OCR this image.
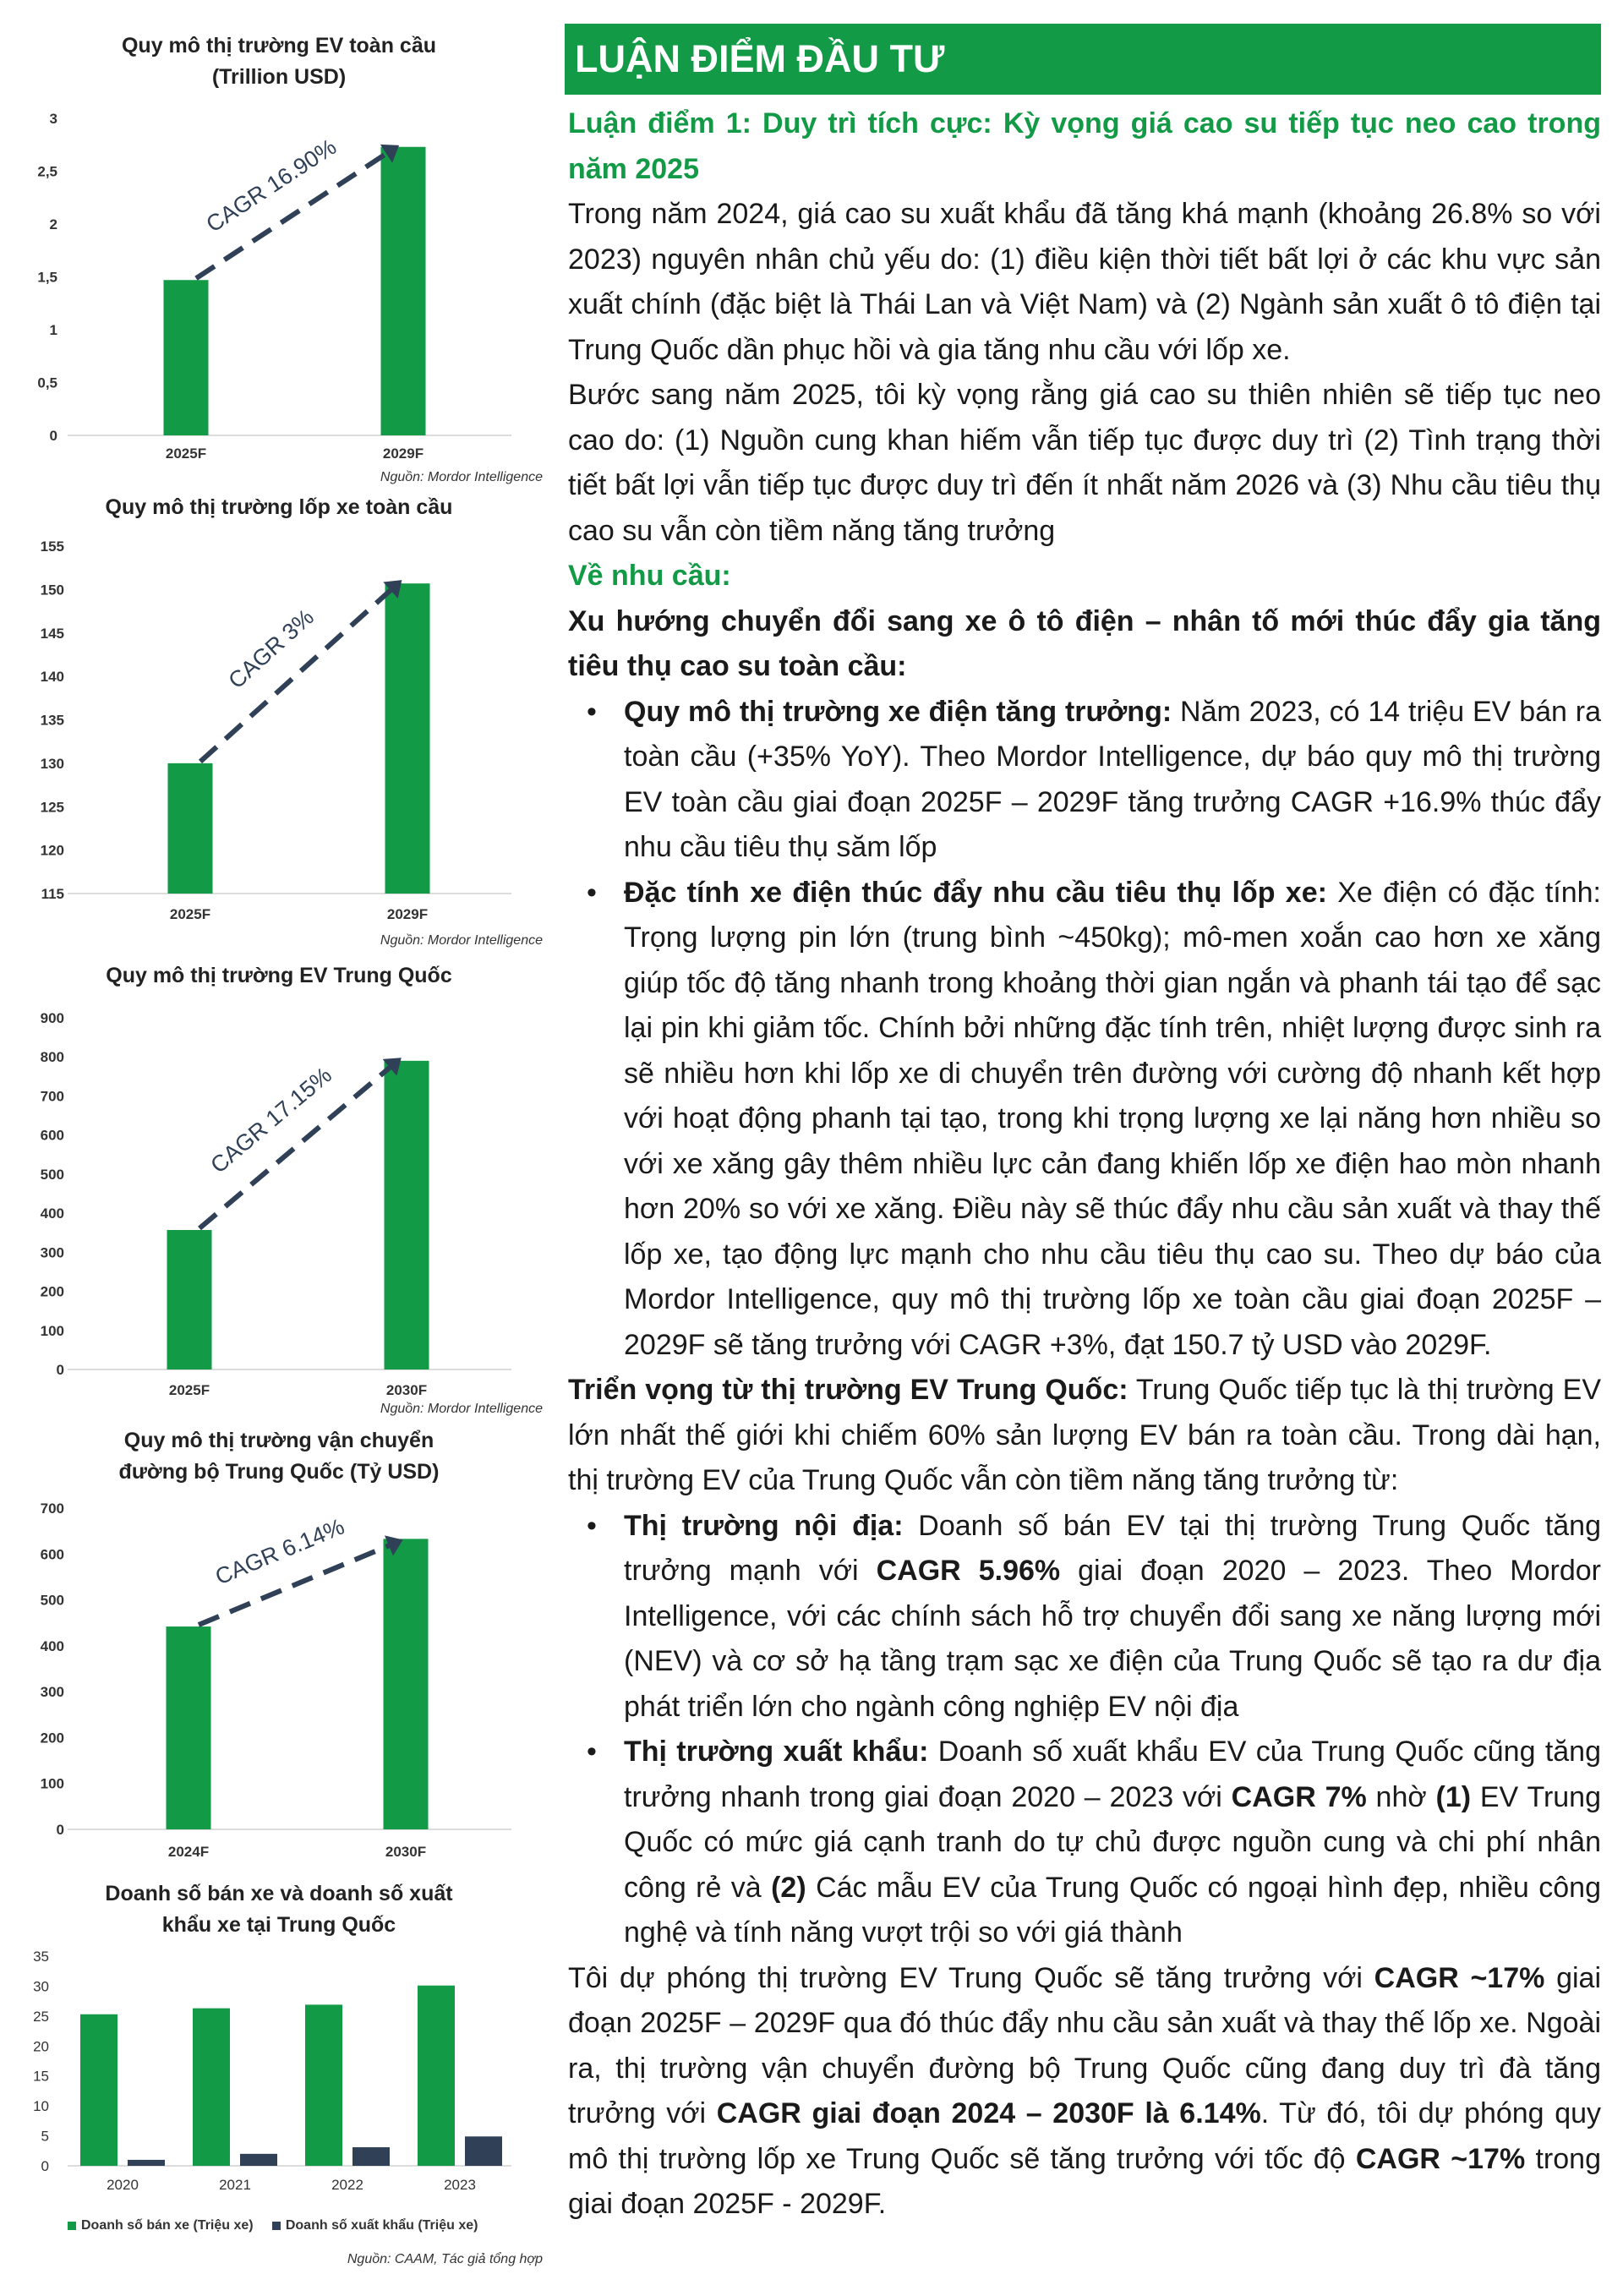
Quy mô thị trường EV toàn cầu
(Trillion USD)
0
0,5
1
1,5
2
2,5
3
2025F	2029F
CAGR 16.90%
Nguồn: Mordor Intelligence
Quy mô thị trường lốp xe toàn cầu
115
120
125
130
135
140
145
150
155
2025F	2029F
CAGR 3%
Nguồn: Mordor Intelligence
Quy mô thị trường EV Trung Quốc
0
100
200
300
400
500
600
700
800
900
2025F	2030F
CAGR 17.15%
Nguồn: Mordor Intelligence
Quy mô thị trường vận chuyển
đường bộ Trung Quốc (Tỷ USD)
0
100
200
300
400
500
600
700
2024F	2030F
CAGR 6.14%
Doanh số bán xe và doanh số xuất
khẩu xe tại Trung Quốc
0
5
10
15
20
25
30
35
2020	2021	2022	2023
Doanh số bán xe (Triệu xe) Doanh số xuất khẩu (Triệu xe)
Nguồn: CAAM, Tác giả tổng hợp
LUẬN ĐIỂM ĐẦU TƯ

Luận điểm 1: Duy trì tích cực: Kỳ vọng giá cao su tiếp tục neo cao trong năm 2025

Trong năm 2024, giá cao su xuất khẩu đã tăng khá mạnh (khoảng 26.8% so với 2023) nguyên nhân chủ yếu do: (1) điều kiện thời tiết bất lợi ở các khu vực sản xuất chính (đặc biệt là Thái Lan và Việt Nam) và (2) Ngành sản xuất ô tô điện tại Trung Quốc dần phục hồi và gia tăng nhu cầu với lốp xe.

Bước sang năm 2025, tôi kỳ vọng rằng giá cao su thiên nhiên sẽ tiếp tục neo cao do: (1) Nguồn cung khan hiếm vẫn tiếp tục được duy trì (2) Tình trạng thời tiết bất lợi vẫn tiếp tục được duy trì đến ít nhất năm 2026 và (3) Nhu cầu tiêu thụ cao su vẫn còn tiềm năng tăng trưởng

Về nhu cầu:

Xu hướng chuyển đổi sang xe ô tô điện – nhân tố mới thúc đẩy gia tăng tiêu thụ cao su toàn cầu:

• Quy mô thị trường xe điện tăng trưởng: Năm 2023, có 14 triệu EV bán ra toàn cầu (+35% YoY). Theo Mordor Intelligence, dự báo quy mô thị trường EV toàn cầu giai đoạn 2025F – 2029F tăng trưởng CAGR +16.9% thúc đẩy nhu cầu tiêu thụ săm lốp
• Đặc tính xe điện thúc đẩy nhu cầu tiêu thụ lốp xe: Xe điện có đặc tính: Trọng lượng pin lớn (trung bình ~450kg); mô-men xoắn cao hơn xe xăng giúp tốc độ tăng nhanh trong khoảng thời gian ngắn và phanh tái tạo để sạc lại pin khi giảm tốc. Chính bởi những đặc tính trên, nhiệt lượng được sinh ra sẽ nhiều hơn khi lốp xe di chuyển trên đường với cường độ nhanh kết hợp với hoạt động phanh tại tạo, trong khi trọng lượng xe lại năng hơn nhiều so với xe xăng gây thêm nhiều lực cản đang khiến lốp xe điện hao mòn nhanh hơn 20% so với xe xăng. Điều này sẽ thúc đẩy nhu cầu sản xuất và thay thế lốp xe, tạo động lực mạnh cho nhu cầu tiêu thụ cao su. Theo dự báo của Mordor Intelligence, quy mô thị trường lốp xe toàn cầu giai đoạn 2025F – 2029F sẽ tăng trưởng với CAGR +3%, đạt 150.7 tỷ USD vào 2029F.

Triển vọng từ thị trường EV Trung Quốc: Trung Quốc tiếp tục là thị trường EV lớn nhất thế giới khi chiếm 60% sản lượng EV bán ra toàn cầu. Trong dài hạn, thị trường EV của Trung Quốc vẫn còn tiềm năng tăng trưởng từ:

• Thị trường nội địa: Doanh số bán EV tại thị trường Trung Quốc tăng trưởng mạnh với CAGR 5.96% giai đoạn 2020 – 2023. Theo Mordor Intelligence, với các chính sách hỗ trợ chuyển đổi sang xe năng lượng mới (NEV) và cơ sở hạ tầng trạm sạc xe điện của Trung Quốc sẽ tạo ra dư địa phát triển lớn cho ngành công nghiệp EV nội địa
• Thị trường xuất khẩu: Doanh số xuất khẩu EV của Trung Quốc cũng tăng trưởng nhanh trong giai đoạn 2020 – 2023 với CAGR 7% nhờ (1) EV Trung Quốc có mức giá cạnh tranh do tự chủ được nguồn cung và chi phí nhân công rẻ và (2) Các mẫu EV của Trung Quốc có ngoại hình đẹp, nhiều công nghệ và tính năng vượt trội so với giá thành

Tôi dự phóng thị trường EV Trung Quốc sẽ tăng trưởng với CAGR ~17% giai đoạn 2025F – 2029F qua đó thúc đẩy nhu cầu sản xuất và thay thế lốp xe. Ngoài ra, thị trường vận chuyển đường bộ Trung Quốc cũng đang duy trì đà tăng trưởng với CAGR giai đoạn 2024 – 2030F là 6.14%. Từ đó, tôi dự phóng quy mô thị trường lốp xe Trung Quốc sẽ tăng trưởng với tốc độ CAGR ~17% trong giai đoạn 2025F - 2029F.
